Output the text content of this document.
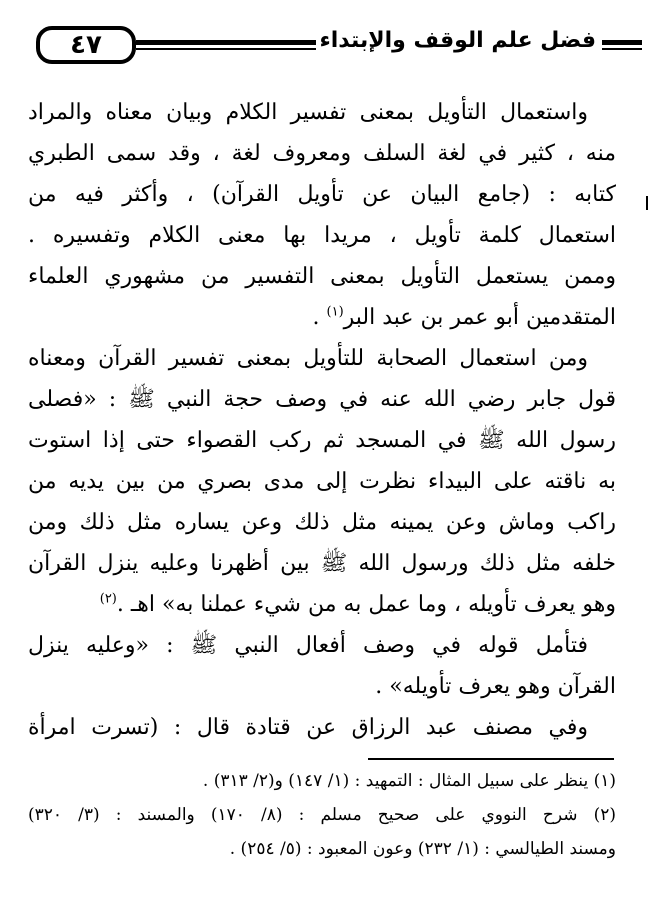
٤٧	فضل علم الوقف والإبتداء
واستعمال التأويل بمعنى تفسير الكلام وبيان معناه والمراد
منه ، كثير في لغة السلف ومعروف لغة ، وقد سمى الطبري
كتابه : (جامع البيان عن تأويل القرآن) ، وأكثر فيه من
استعمال كلمة تأويل ، مريدا بها معنى الكلام وتفسيره .
وممن يستعمل التأويل بمعنى التفسير من مشهوري العلماء
المتقدمين أبو عمر بن عبد البر$^{(١)}$ .
ومن استعمال الصحابة للتأويل بمعنى تفسير القرآن ومعناه
قول جابر رضي الله عنه في وصف حجة النبي ﷺ : «فصلى
رسول الله ﷺ في المسجد ثم ركب القصواء حتى إذا استوت
به ناقته على البيداء نظرت إلى مدى بصري من بين يديه من
راكب وماش وعن يمينه مثل ذلك وعن يساره مثل ذلك ومن
خلفه مثل ذلك ورسول الله ﷺ بين أظهرنا وعليه ينزل القرآن
وهو يعرف تأويله ، وما عمل به من شيء عملنا به» اهـ .$^{(٢)}$
فتأمل قوله في وصف أفعال النبي ﷺ : «وعليه ينزل
القرآن وهو يعرف تأويله» .
وفي مصنف عبد الرزاق عن قتادة قال : (تسرت امرأة
(١) ينظر على سبيل المثال : التمهيد : (١/ ١٤٧) و(٢/ ٣١٣) .
(٢) شرح النووي على صحيح مسلم : (٨/ ١٧٠) والمسند : (٣/ ٣٢٠)
ومسند الطيالسي : (١/ ٢٣٢) وعون المعبود : (٥/ ٢٥٤) .
